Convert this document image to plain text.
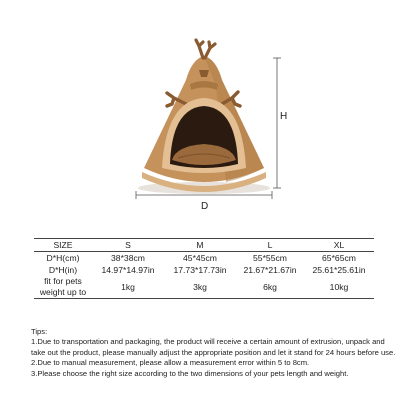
H
D
SIZE	S	M	L	XL
D*H(cm)	38*38cm	45*45cm	55*55cm	65*65cm
D*H(in)	14.97*14.97in	17.73*17.73in	21.67*21.67in	25.61*25.61in

fit for pets
weight up to	1kg	3kg	6kg	10kg

Tips:

1.Due to transportation and packaging, the product will receive a certain amount of extrusion, unpack and

take out the product, please manually adjust the appropriate position and let it stand for 24 hours before use.

2.Due to manual measurement, please allow a measurement error within 5 to 8cm.

3.Please choose the right size according to the two dimensions of your pets length and weight.
